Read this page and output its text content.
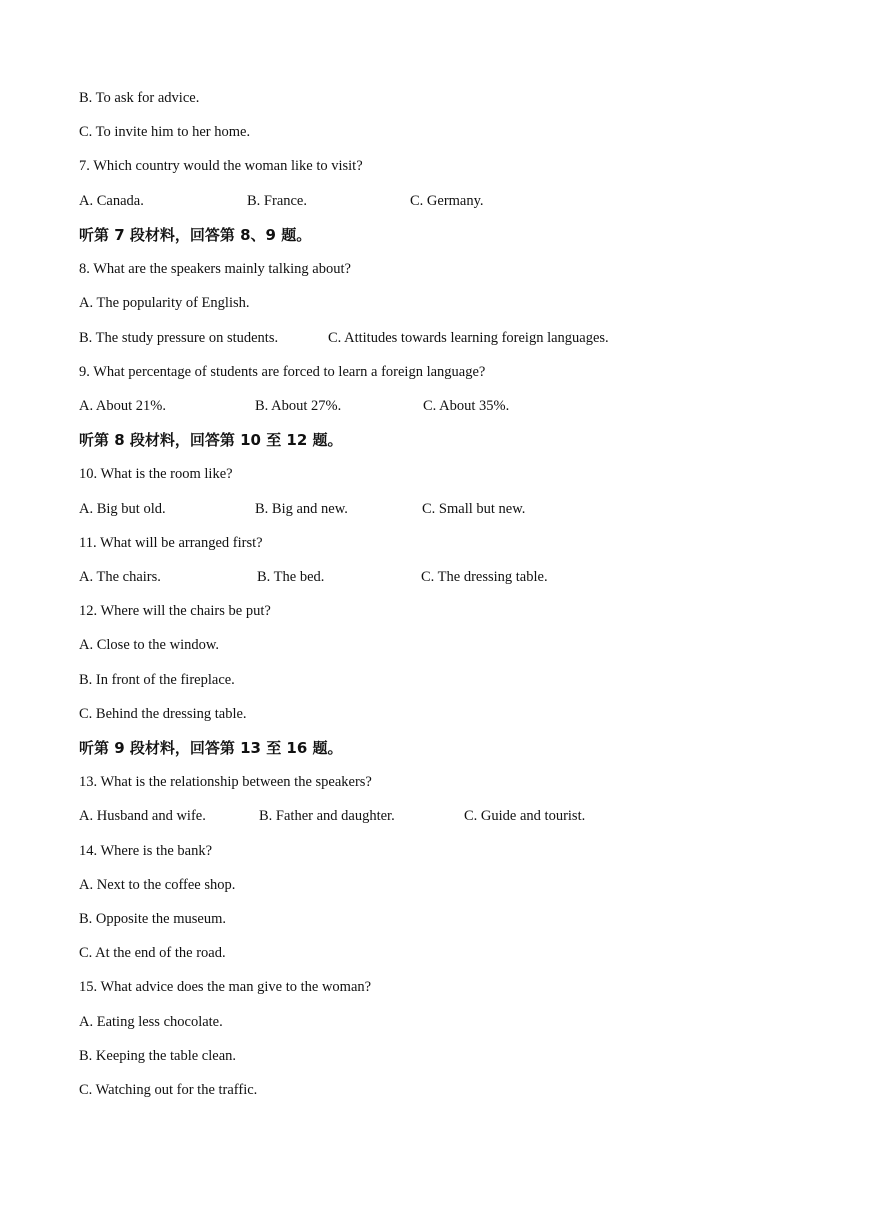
B. To ask for advice.
C. To invite him to her home.
7. Which country would the woman like to visit?
A. Canada.	B. France.	C. Germany.
听第 7 段材料，回答第 8、9 题。
8. What are the speakers mainly talking about?
A. The popularity of English.
B. The study pressure on students.	C. Attitudes towards learning foreign languages.
9. What percentage of students are forced to learn a foreign language?
A. About 21%.	B. About 27%.	C. About 35%.
听第 8 段材料，回答第 10 至 12 题。
10. What is the room like?
A. Big but old.	B. Big and new.	C. Small but new.
11. What will be arranged first?
A. The chairs.	B. The bed.	C. The dressing table.
12. Where will the chairs be put?
A. Close to the window.
B. In front of the fireplace.
C. Behind the dressing table.
听第 9 段材料，回答第 13 至 16 题。
13. What is the relationship between the speakers?
A. Husband and wife.	B. Father and daughter.	C. Guide and tourist.
14. Where is the bank?
A. Next to the coffee shop.
B. Opposite the museum.
C. At the end of the road.
15. What advice does the man give to the woman?
A. Eating less chocolate.
B. Keeping the table clean.
C. Watching out for the traffic.
